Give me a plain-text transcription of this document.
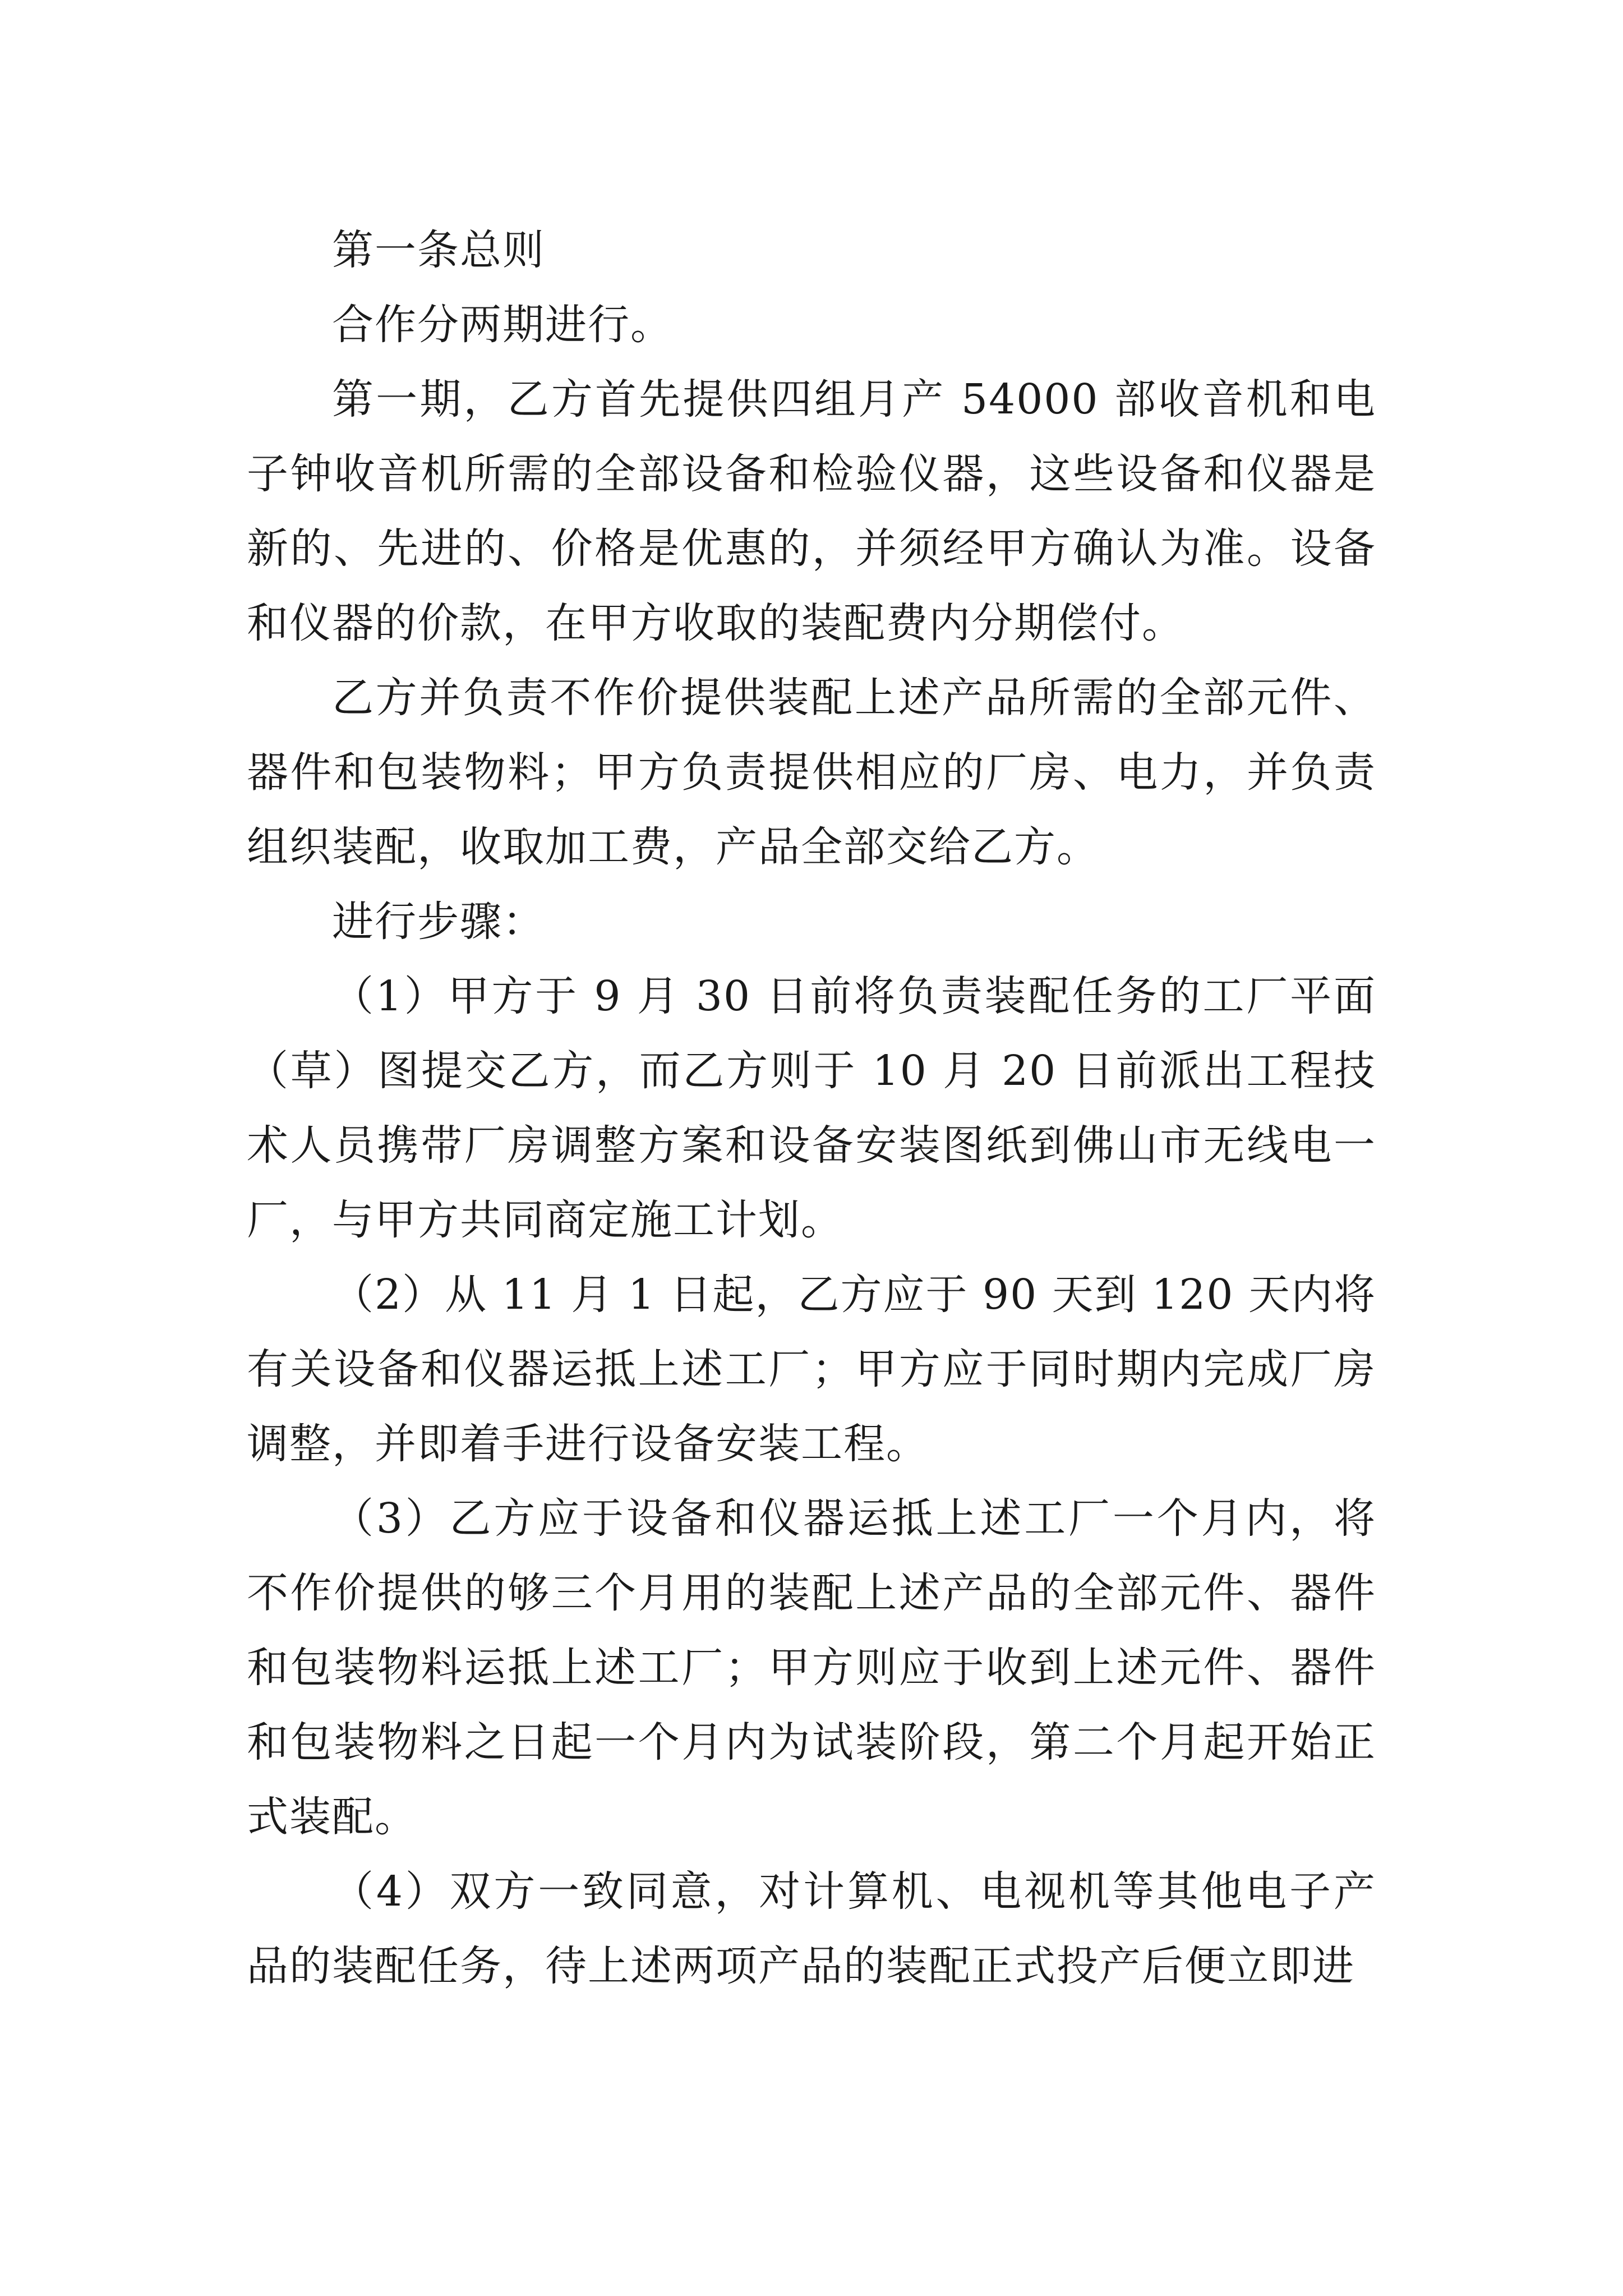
第一条总则

合作分两期进行。

第一期，乙方首先提供四组月产 54000 部收音机和电子钟收音机所需的全部设备和检验仪器，这些设备和仪器是新的、先进的、价格是优惠的，并须经甲方确认为准。设备和仪器的价款，在甲方收取的装配费内分期偿付。

乙方并负责不作价提供装配上述产品所需的全部元件、器件和包装物料；甲方负责提供相应的厂房、电力，并负责组织装配，收取加工费，产品全部交给乙方。

进行步骤：

（1）甲方于 9 月 30 日前将负责装配任务的工厂平面（草）图提交乙方，而乙方则于 10 月 20 日前派出工程技术人员携带厂房调整方案和设备安装图纸到佛山市无线电一厂，与甲方共同商定施工计划。

（2）从 11 月 1 日起，乙方应于 90 天到 120 天内将有关设备和仪器运抵上述工厂；甲方应于同时期内完成厂房调整，并即着手进行设备安装工程。

（3）乙方应于设备和仪器运抵上述工厂一个月内，将不作价提供的够三个月用的装配上述产品的全部元件、器件和包装物料运抵上述工厂；甲方则应于收到上述元件、器件和包装物料之日起一个月内为试装阶段，第二个月起开始正式装配。

（4）双方一致同意，对计算机、电视机等其他电子产品的装配任务，待上述两项产品的装配正式投产后便立即进
